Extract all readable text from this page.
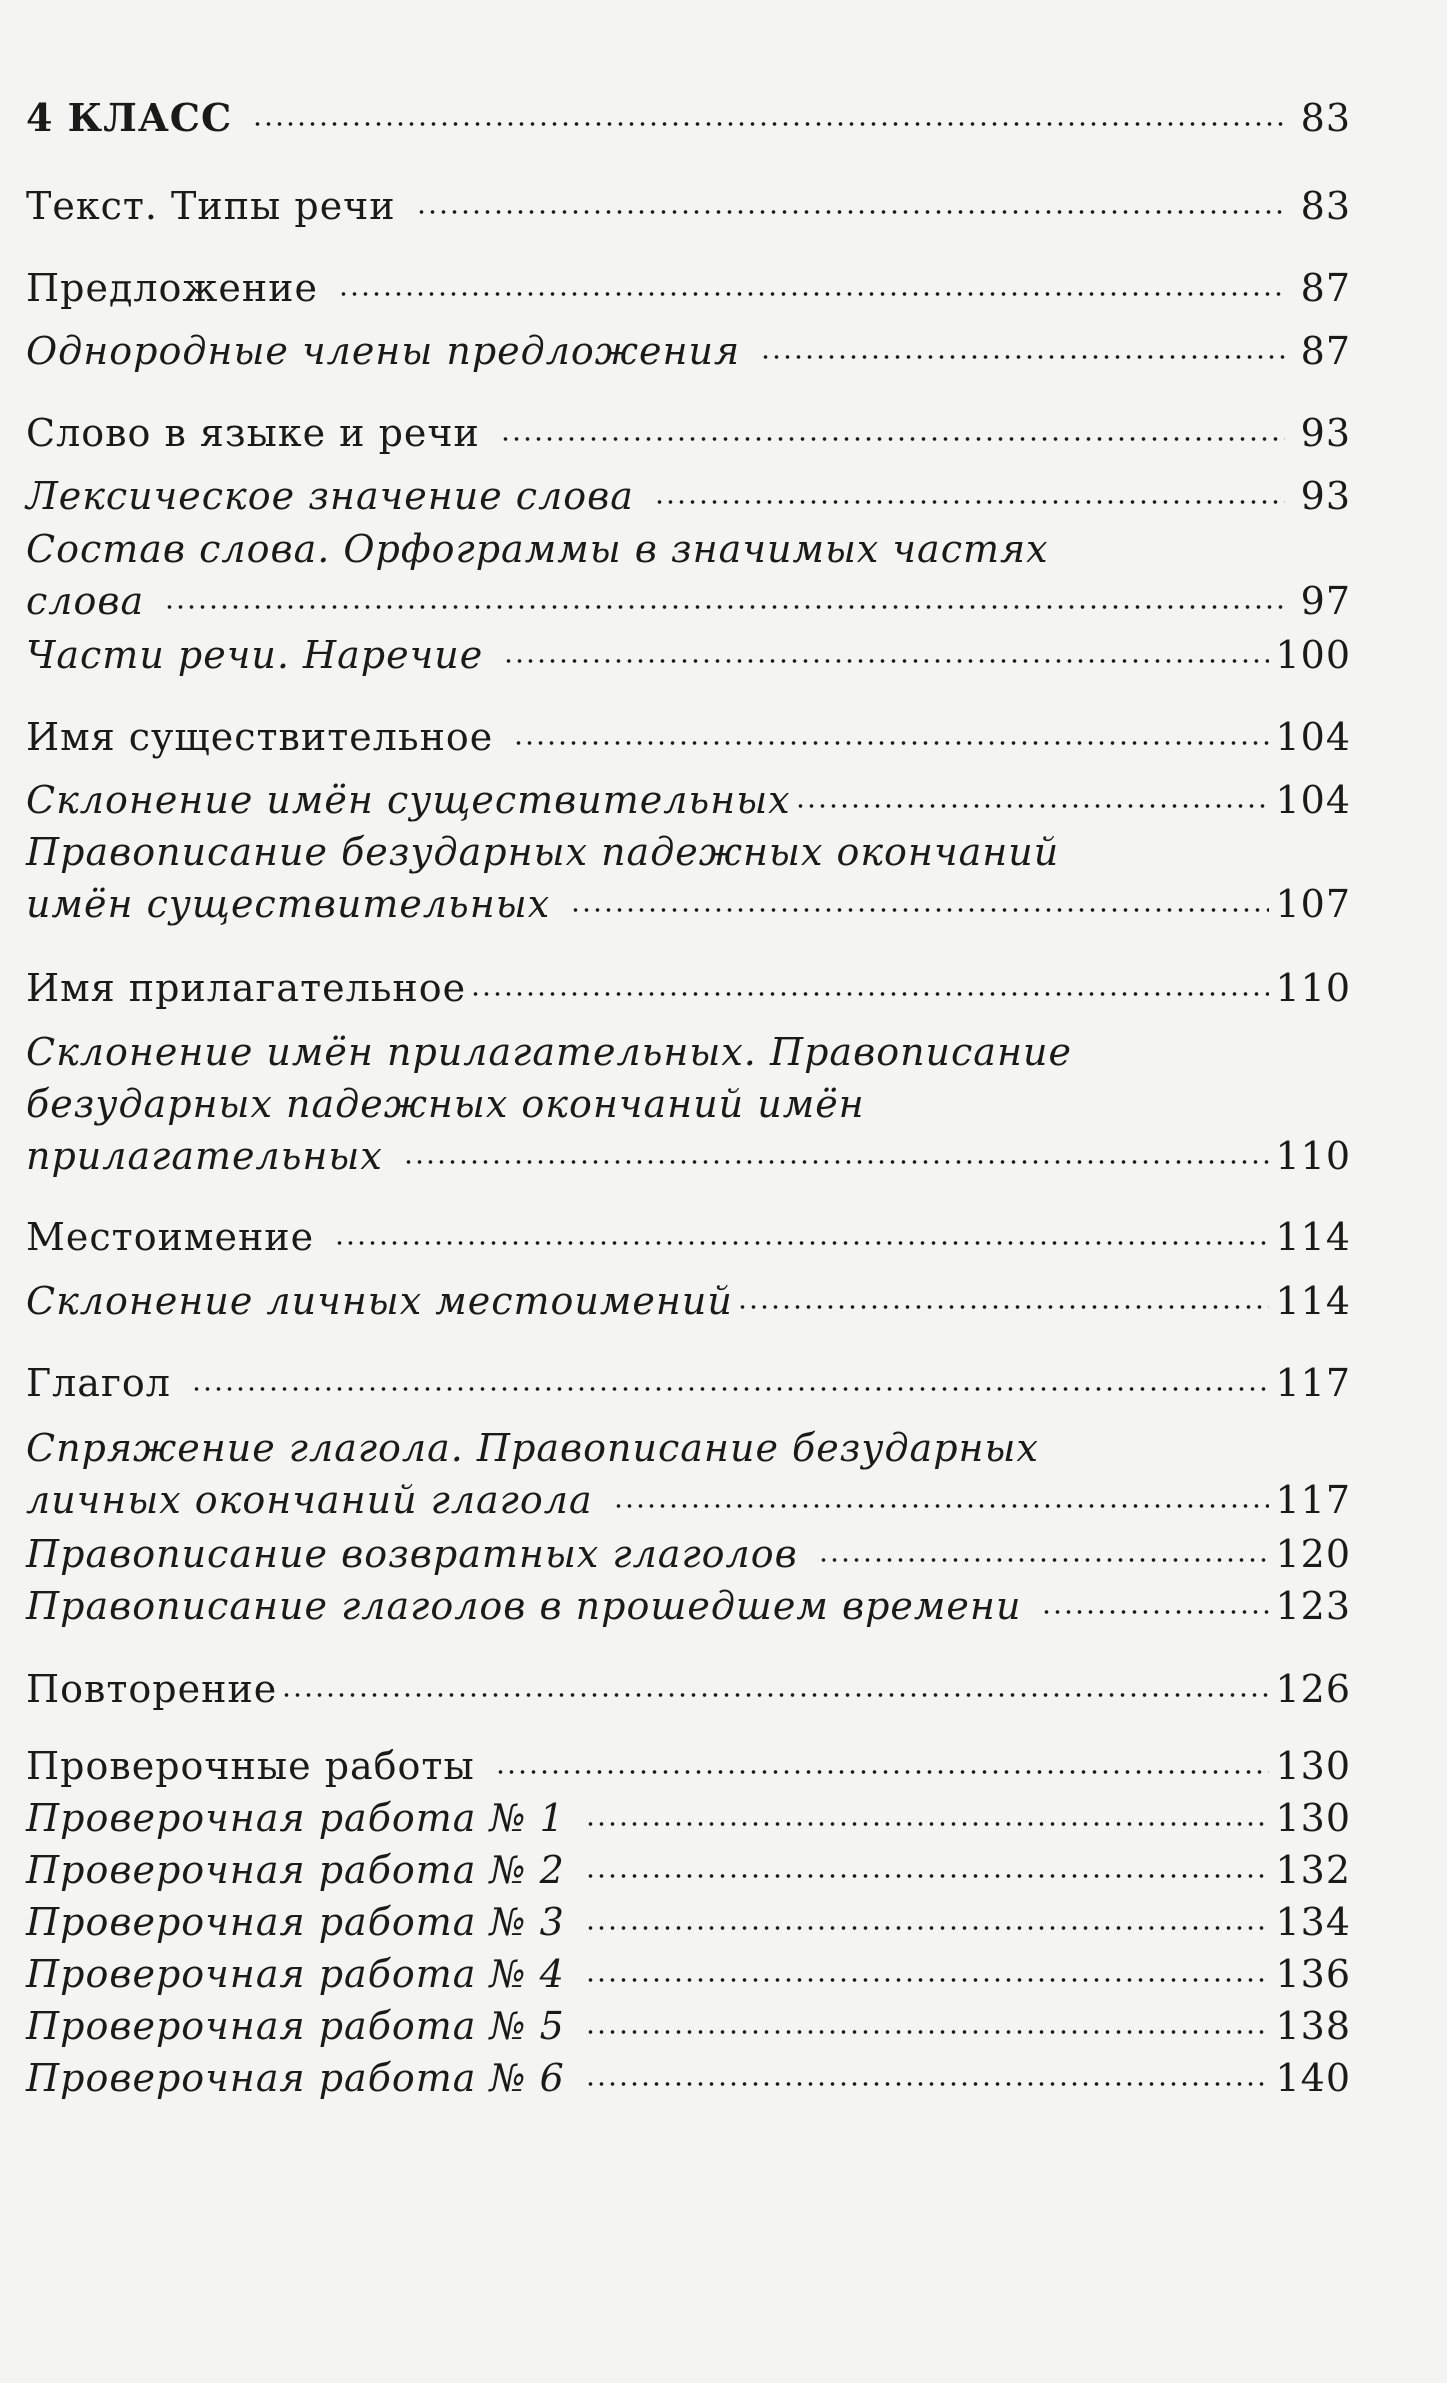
4 КЛАСС	83
Текст. Типы речи	83
Предложение	87
Однородные члены предложения	87
Слово в языке и речи	93
Лексическое значение слова	93
Состав слова. Орфограммы в значимых частях
слова	97
Части речи. Наречие	100
Имя существительное	104
Склонение имён существительных	104
Правописание безударных падежных окончаний
имён существительных	107
Имя прилагательное	110
Склонение имён прилагательных. Правописание
безударных падежных окончаний имён
прилагательных	110
Местоимение	114
Склонение личных местоимений	114
Глагол	117
Спряжение глагола. Правописание безударных
личных окончаний глагола	117
Правописание возвратных глаголов	120
Правописание глаголов в прошедшем времени	123
Повторение	126
Проверочные работы	130
Проверочная работа № 1	130
Проверочная работа № 2	132
Проверочная работа № 3	134
Проверочная работа № 4	136
Проверочная работа № 5	138
Проверочная работа № 6	140
